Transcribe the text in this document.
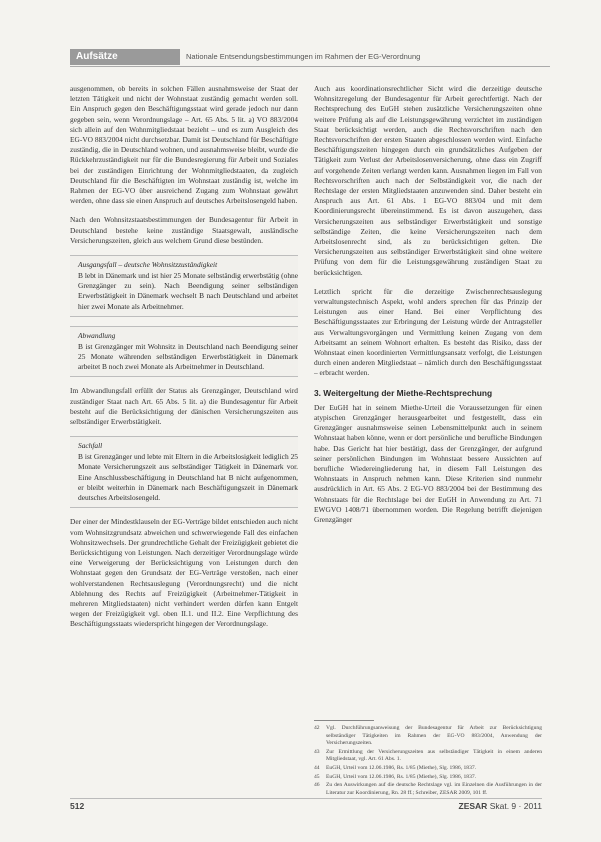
Aufsätze	Nationale Entsendungsbestimmungen im Rahmen der EG-Verordnung

ausgenommen, ob bereits in solchen Fällen ausnahmsweise der Staat der letzten Tätigkeit und nicht der Wohnstaat zuständig gemacht werden soll. Ein Anspruch gegen den Beschäftigungsstaat wird gerade jedoch nur dann gegeben sein, wenn Verordnungslage – Art. 65 Abs. 5 lit. a) VO 883/2004 sich allein auf den Wohnmitgliedstaat bezieht – und es zum Ausgleich des EG-VO 883/2004 nicht durchsetzbar. Damit ist Deutschland für Beschäftigte zuständig, die in Deutschland wohnen, und ausnahmsweise bleibt, wurde die Rückkehrzuständigkeit nur für die Bundesregierung für Arbeit und Soziales bei der zuständigen Einrichtung der Wohnmitgliedstaaten, da zugleich Deutschland für die Beschäftigten im Wohnstaat zuständig ist, welche im Rahmen der EG-VO über ausreichend Zugang zum Wohnstaat gewährt werden, ohne dass sie einen Anspruch auf deutsches Arbeitslosengeld haben.

Nach den Wohnsitzstaatsbestimmungen der Bundesagentur für Arbeit in Deutschland bestehe keine zuständige Staatsgewalt, ausländische Versicherungszeiten, gleich aus welchem Grund diese bestünden.

Ausgangsfall – deutsche Wohnsitzzuständigkeit
B lebt in Dänemark und ist hier 25 Monate selbständig erwerbstätig (ohne Grenzgänger zu sein). Nach Beendigung seiner selbständigen Erwerbstätigkeit in Dänemark wechselt B nach Deutschland und arbeitet hier zwei Monate als Arbeitnehmer.
Abwandlung
B ist Grenzgänger mit Wohnsitz in Deutschland nach Beendigung seiner 25 Monate währenden selbständigen Erwerbstätigkeit in Dänemark arbeitet B noch zwei Monate als Arbeitnehmer in Deutschland.

Im Abwandlungsfall erfüllt der Status als Grenzgänger, Deutschland wird zuständiger Staat nach Art. 65 Abs. 5 lit. a) die Bundesagentur für Arbeit besteht auf die Berücksichtigung der dänischen Versicherungszeiten aus selbständiger Erwerbstätigkeit.

Sachfall
B ist Grenzgänger und lebte mit Eltern in die Arbeitslosigkeit lediglich 25 Monate Versicherungszeit aus selbständiger Tätigkeit in Dänemark vor. Eine Anschlussbeschäftigung in Deutschland hat B nicht aufgenommen, er bleibt weiterhin in Dänemark nach Beschäftigungszeit in Dänemark deutsches Arbeitslosengeld.

Der einer der Mindestklauseln der EG-Verträge bildet entschieden auch nicht vom Wohnsitzgrundsatz abweichen und schwerwiegende Fall des einfachen Wohnsitzwechsels. Der grundrechtliche Gehalt der Freizügigkeit gebietet die Berücksichtigung von Leistungen. Nach derzeitiger Verordnungslage würde eine Verweigerung der Berücksichtigung von Leistungen durch den Wohnstaat gegen den Grundsatz der EG-Verträge verstoßen, nach einer wohlverstandenen Rechtsauslegung (Verordnungsrecht) und die nicht Ablehnung des Rechts auf Freizügigkeit (Arbeitnehmer-Tätigkeit in mehreren Mitgliedstaaten) nicht verhindert werden dürfen kann Entgelt wegen der Freizügigkeit vgl. oben II.1. und II.2. Eine Verpflichtung des Beschäftigungsstaats wiederspricht hingegen der Verordnungslage.

Auch aus koordinationsrechtlicher Sicht wird die derzeitige deutsche Wohnsitzregelung der Bundesagentur für Arbeit gerechtfertigt. Nach der Rechtsprechung des EuGH stehen zusätzliche Versicherungszeiten ohne weitere Prüfung als auf die Leistungsgewährung verzichtet im zuständigen Staat berücksichtigt werden, auch die Rechtsvorschriften nach den Rechtsvorschriften der ersten Staaten abgeschlossen werden wird. Einfache Beschäftigungszeiten hingegen durch ein grundsätzliches Aufgeben der Tätigkeit zum Verlust der Arbeitslosenversicherung, ohne dass ein Zugriff auf vorgehende Zeiten verlangt werden kann. Ausnahmen liegen im Fall von Rechtsvorschriften auch nach der Selbständigkeit vor, die nach der Rechtslage der ersten Mitgliedstaaten anzuwenden sind. Daher besteht ein Anspruch aus Art. 61 Abs. 1 EG-VO 883/04 und mit dem Koordinierungsrecht übereinstimmend. Es ist davon auszugehen, dass Versicherungszeiten aus selbständiger Erwerbstätigkeit und sonstige selbständige Zeiten, die keine Versicherungszeiten nach dem Arbeitslosenrecht sind, als zu berücksichtigen gelten. Die Versicherungszeiten aus selbständiger Erwerbstätigkeit sind ohne weitere Prüfung von dem für die Leistungsgewährung zuständigen Staat zu berücksichtigen.

Letztlich spricht für die derzeitige Zwischenrechtsauslegung verwaltungstechnisch Aspekt, wohl anders sprechen für das Prinzip der Leistungen aus einer Hand. Bei einer Verpflichtung des Beschäftigungsstaates zur Erbringung der Leistung würde der Antragsteller aus Verwaltungsvorgängen und Vermittlung keinen Zugang von dem Arbeitsamt an seinem Wohnort erhalten. Es besteht das Risiko, dass der Wohnstaat einen koordinierten Vermittlungsansatz verfolgt, die Leistungen durch einen anderen Mitgliedstaat – nämlich durch den Beschäftigungsstaat – erbracht werden.

3. Weitergeltung der Miethe-Rechtsprechung

Der EuGH hat in seinem Miethe-Urteil die Voraussetzungen für einen atypischen Grenzgänger herausgearbeitet und festgestellt, dass ein Grenzgänger ausnahmsweise seinen Lebensmittelpunkt auch in seinem Wohnstaat haben könne, wenn er dort persönliche und berufliche Bindungen habe. Das Gericht hat hier bestätigt, dass der Grenzgänger, der aufgrund seiner persönlichen Bindungen im Wohnstaat bessere Aussichten auf berufliche Wiedereingliederung hat, in diesem Fall Leistungen des Wohnstaats in Anspruch nehmen kann. Diese Kriterien sind nunmehr ausdrücklich in Art. 65 Abs. 2 EG-VO 883/2004 bei der Bestimmung des Wohnstaats für die Rechtslage bei der EuGH in Anwendung zu Art. 71 EWGVO 1408/71 übernommen worden. Die Regelung betrifft diejenigen Grenzgänger

42	Vgl. Durchführungsanweisung der Bundesagentur für Arbeit zur Berücksichtigung selbständiger Tätigkeiten im Rahmen der EG-VO 883/2004, Anwendung der Versicherungszeiten.
43	Zur Ermittlung der Versicherungszeiten aus selbständiger Tätigkeit in einem anderen Mitgliedstaat, vgl. Art. 61 Abs. 1.
44	EuGH, Urteil vom 12.06.1986, Rs. 1/85 (Miethe), Slg. 1986, 1837.
45	EuGH, Urteil vom 12.06.1986, Rs. 1/85 (Miethe), Slg. 1986, 1837.
46	Zu den Auswirkungen auf die deutsche Rechtslage vgl. im Einzelnen die Ausführungen in der Literatur zur Koordinierung, Rn. 28 ff.; Schreiber, ZESAR 2009, 101 ff.
512	ZESAR Skat. 9 · 2011
